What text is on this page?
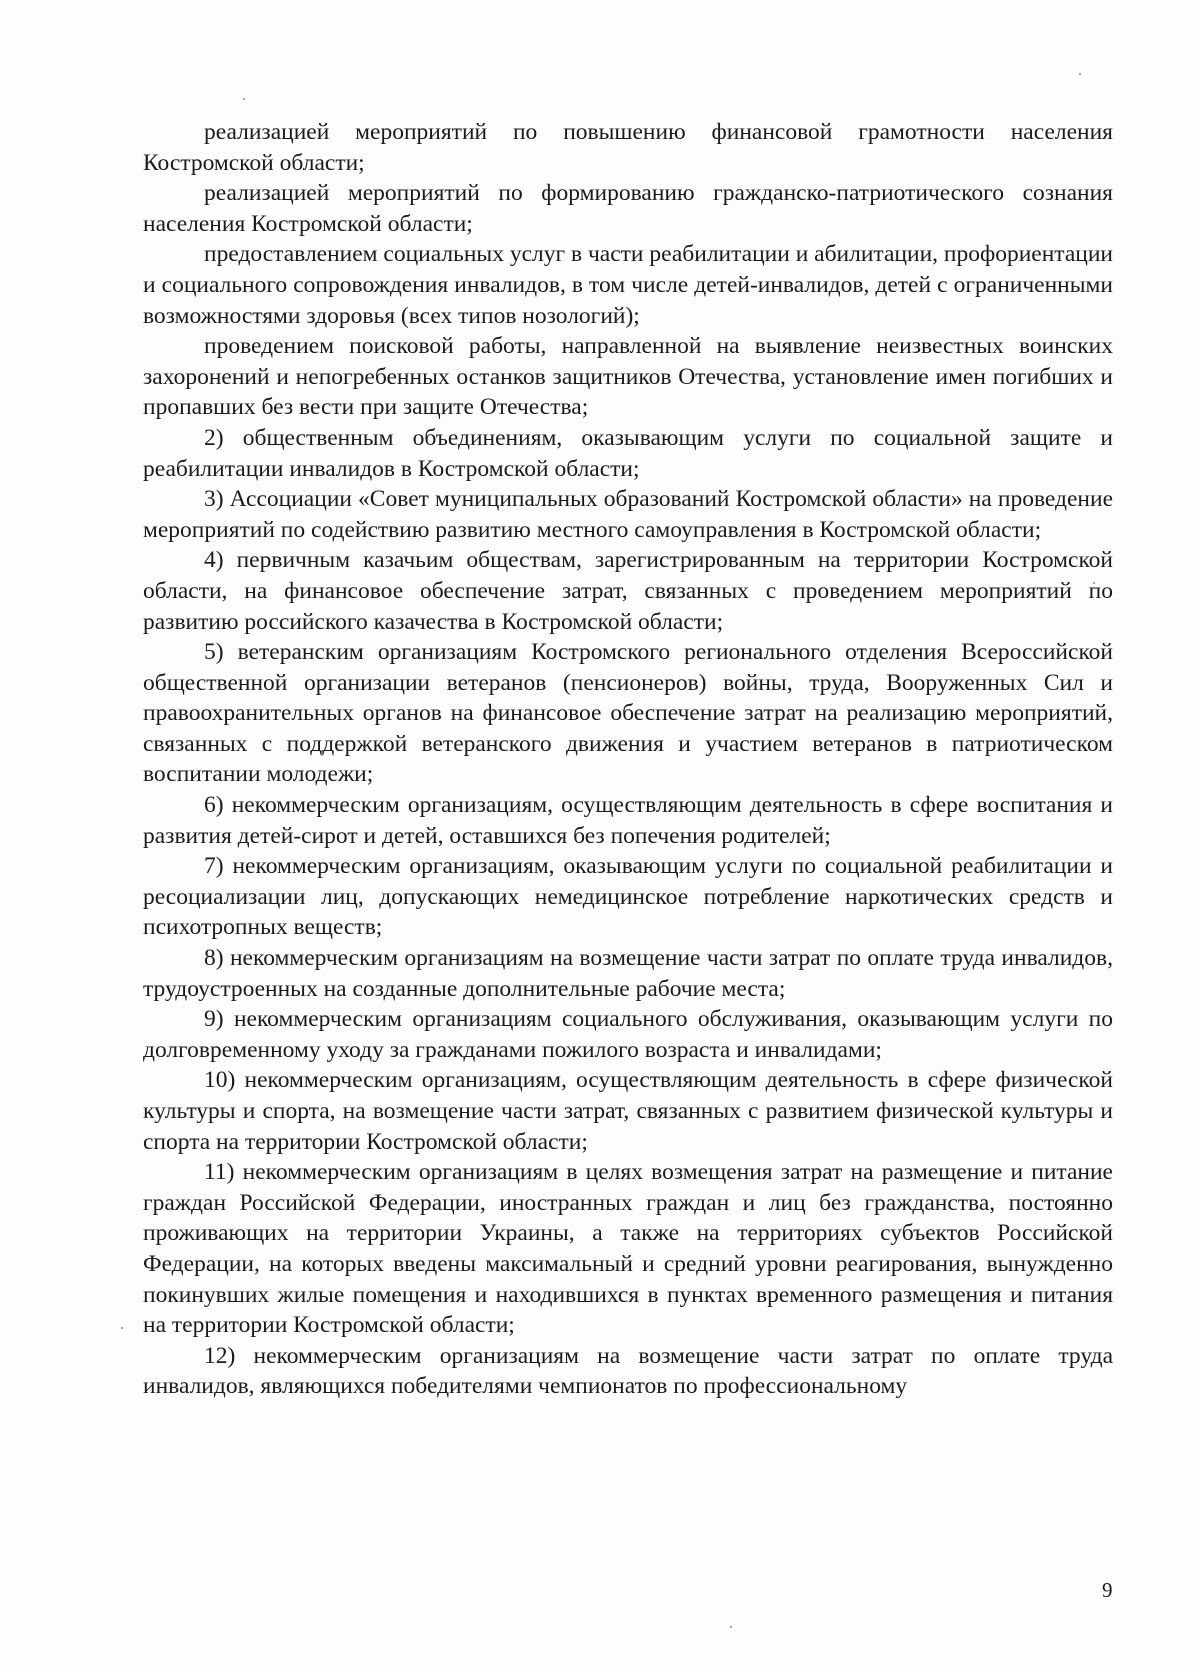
реализацией мероприятий по повышению финансовой грамотности населения Костромской области;

реализацией мероприятий по формированию гражданско-патриотического сознания населения Костромской области;

предоставлением социальных услуг в части реабилитации и абилитации, профориентации и социального сопровождения инвалидов, в том числе детей-инвалидов, детей с ограниченными возможностями здоровья (всех типов нозологий);

проведением поисковой работы, направленной на выявление неизвестных воинских захоронений и непогребенных останков защитников Отечества, установление имен погибших и пропавших без вести при защите Отечества;

2) общественным объединениям, оказывающим услуги по социальной защите и реабилитации инвалидов в Костромской области;

3) Ассоциации «Совет муниципальных образований Костромской области» на проведение мероприятий по содействию развитию местного самоуправления в Костромской области;

4) первичным казачьим обществам, зарегистрированным на территории Костромской области, на финансовое обеспечение затрат, связанных с проведением мероприятий по развитию российского казачества в Костромской области;

5) ветеранским организациям Костромского регионального отделения Всероссийской общественной организации ветеранов (пенсионеров) войны, труда, Вооруженных Сил и правоохранительных органов на финансовое обеспечение затрат на реализацию мероприятий, связанных с поддержкой ветеранского движения и участием ветеранов в патриотическом воспитании молодежи;

6) некоммерческим организациям, осуществляющим деятельность в сфере воспитания и развития детей-сирот и детей, оставшихся без попечения родителей;

7) некоммерческим организациям, оказывающим услуги по социальной реабилитации и ресоциализации лиц, допускающих немедицинское потребление наркотических средств и психотропных веществ;

8) некоммерческим организациям на возмещение части затрат по оплате труда инвалидов, трудоустроенных на созданные дополнительные рабочие места;

9) некоммерческим организациям социального обслуживания, оказывающим услуги по долговременному уходу за гражданами пожилого возраста и инвалидами;

10) некоммерческим организациям, осуществляющим деятельность в сфере физической культуры и спорта, на возмещение части затрат, связанных с развитием физической культуры и спорта на территории Костромской области;

11) некоммерческим организациям в целях возмещения затрат на размещение и питание граждан Российской Федерации, иностранных граждан и лиц без гражданства, постоянно проживающих на территории Украины, а также на территориях субъектов Российской Федерации, на которых введены максимальный и средний уровни реагирования, вынужденно покинувших жилые помещения и находившихся в пунктах временного размещения и питания на территории Костромской области;

12) некоммерческим организациям на возмещение части затрат по оплате труда инвалидов, являющихся победителями чемпионатов по профессиональному

9
